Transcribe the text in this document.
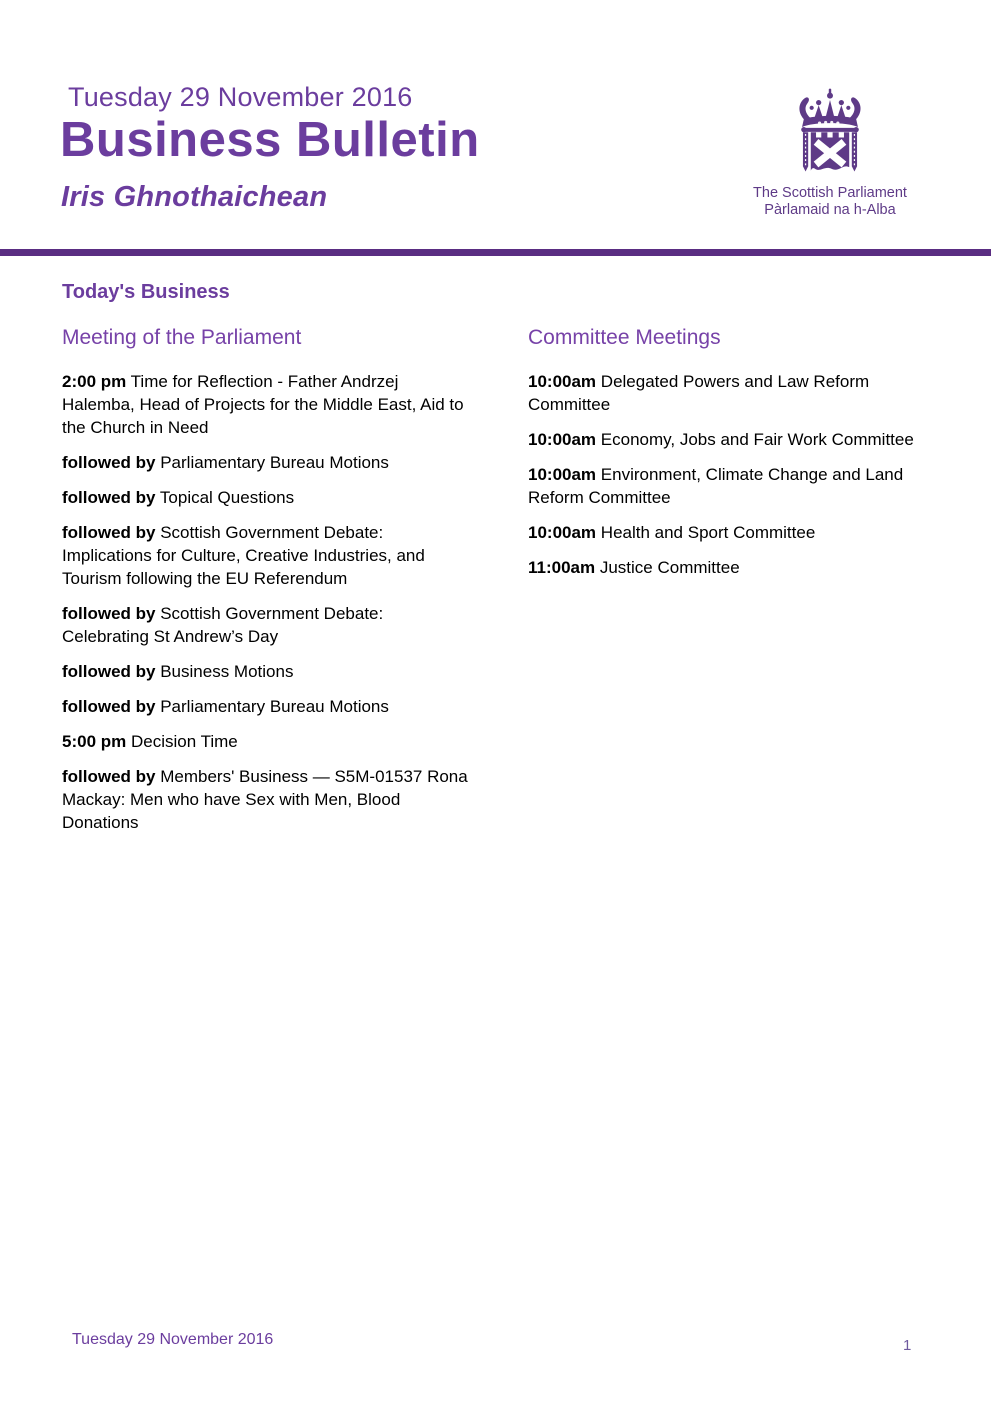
Tuesday 29 November 2016
Business Bulletin
Iris Ghnothaichean	The Scottish Parliament
Pàrlamaid na h-Alba
Today's Business
Meeting of the Parliament

2:00 pm Time for Reflection - Father Andrzej Halemba, Head of Projects for the Middle East, Aid to the Church in Need

followed by Parliamentary Bureau Motions

followed by Topical Questions

followed by Scottish Government Debate: Implications for Culture, Creative Industries, and Tourism following the EU Referendum

followed by Scottish Government Debate: Celebrating St Andrew’s Day

followed by Business Motions

followed by Parliamentary Bureau Motions

5:00 pm Decision Time

followed by Members' Business — S5M-01537 Rona Mackay: Men who have Sex with Men, Blood Donations

Committee Meetings

10:00am Delegated Powers and Law Reform Committee

10:00am Economy, Jobs and Fair Work Committee

10:00am Environment, Climate Change and Land Reform Committee

10:00am Health and Sport Committee

11:00am Justice Committee

Tuesday 29 November 2016	1
